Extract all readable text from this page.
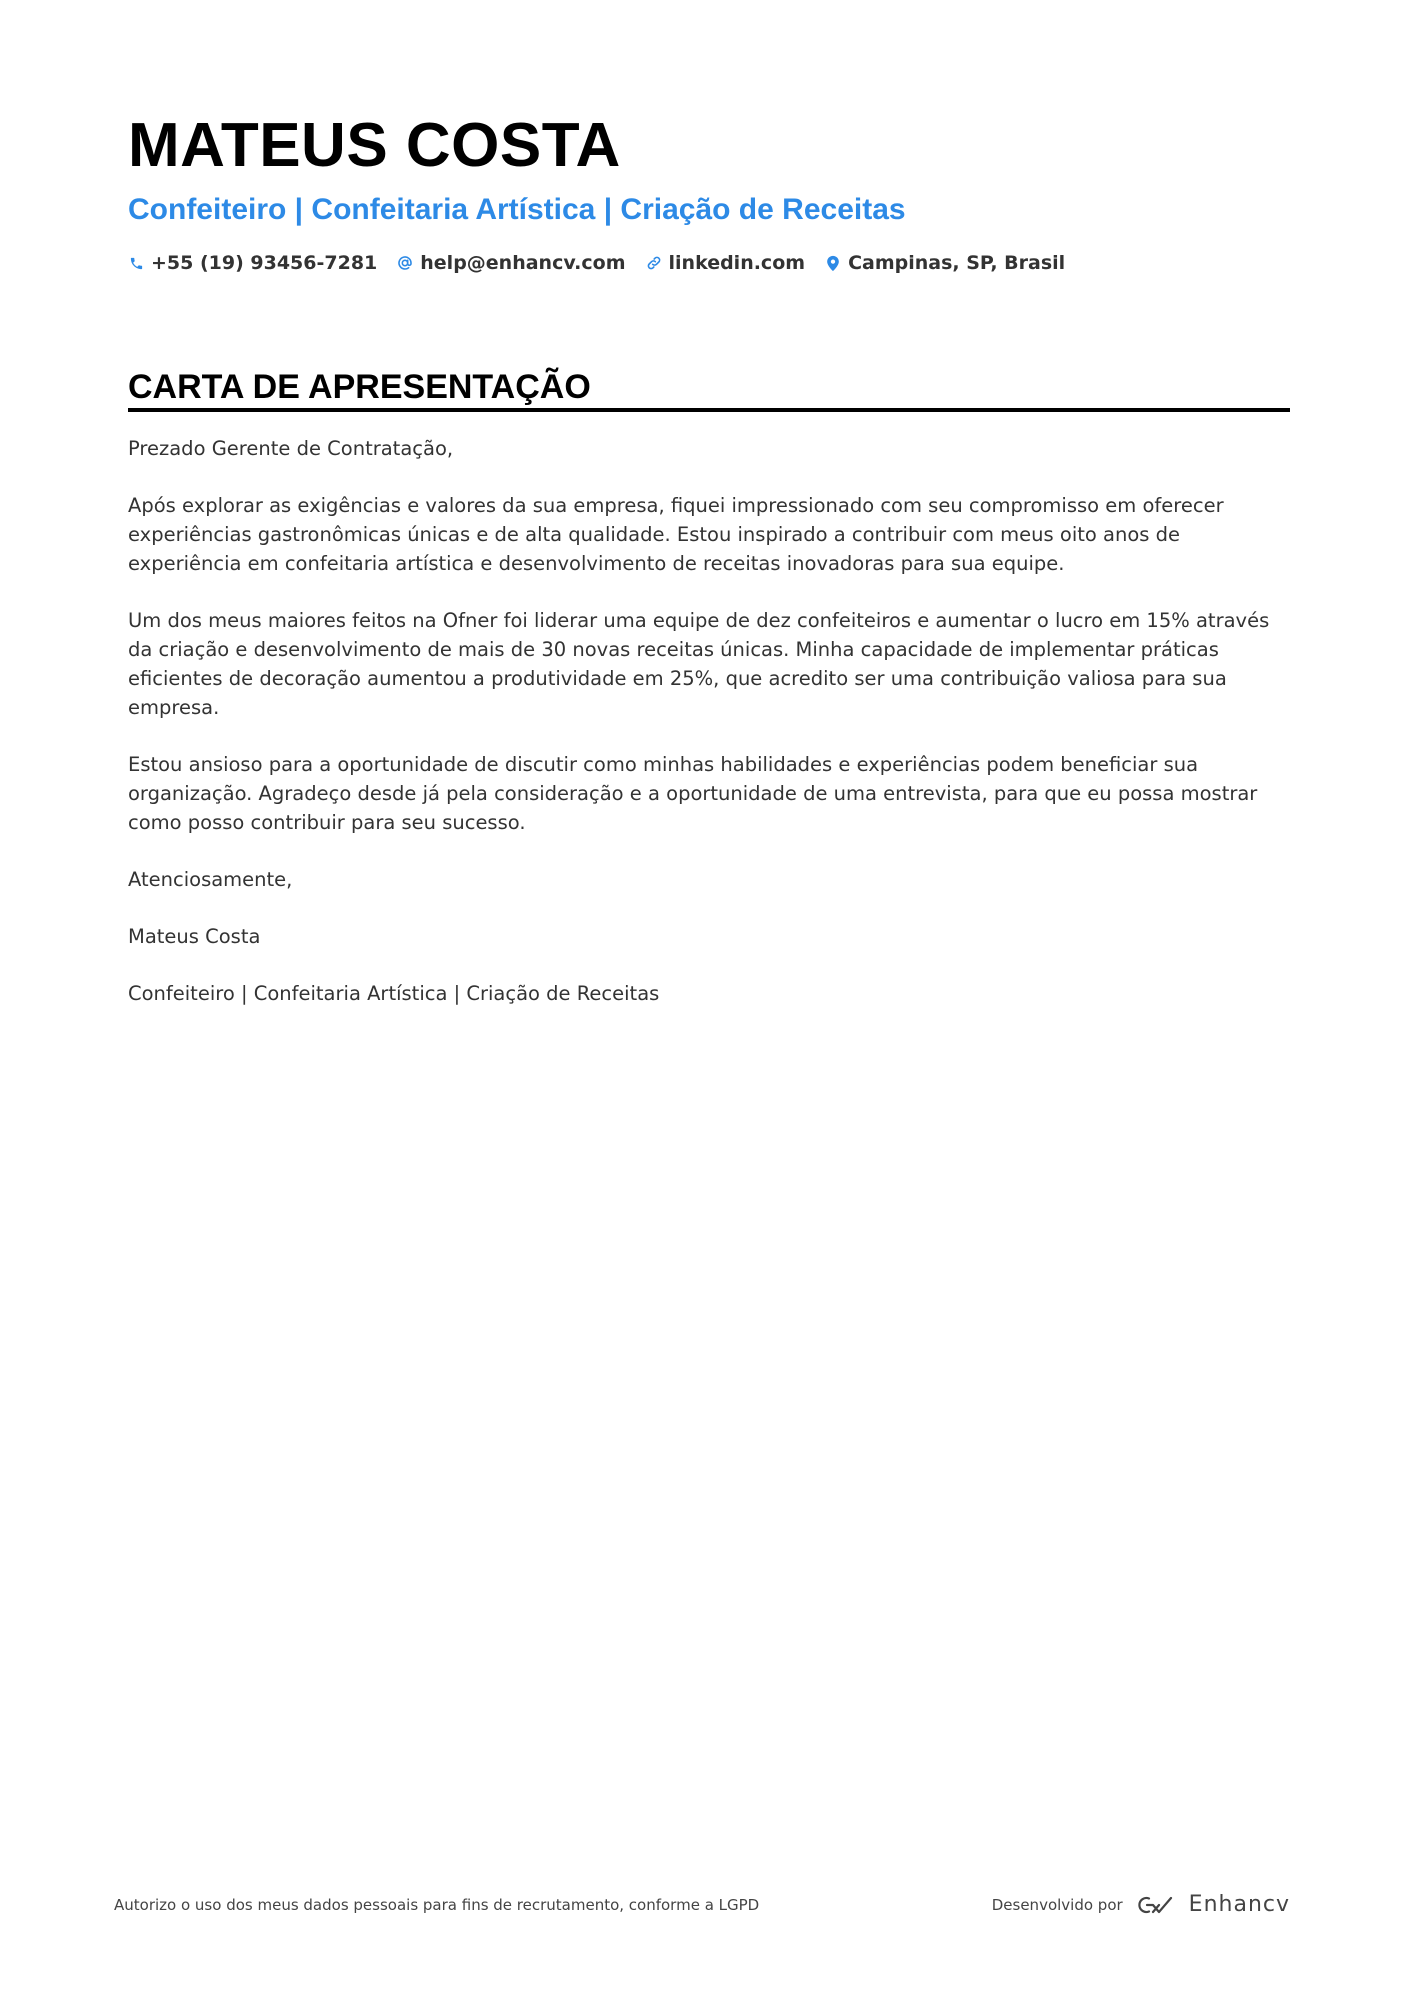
MATEUS COSTA
Confeiteiro | Confeitaria Artística | Criação de Receitas
+55 (19) 93456-7281 help@enhancv.com linkedin.com Campinas, SP, Brasil
CARTA DE APRESENTAÇÃO

Prezado Gerente de Contratação,

Após explorar as exigências e valores da sua empresa, fiquei impressionado com seu compromisso em oferecer experiências gastronômicas únicas e de alta qualidade. Estou inspirado a contribuir com meus oito anos de experiência em confeitaria artística e desenvolvimento de receitas inovadoras para sua equipe.

Um dos meus maiores feitos na Ofner foi liderar uma equipe de dez confeiteiros e aumentar o lucro em 15% através da criação e desenvolvimento de mais de 30 novas receitas únicas. Minha capacidade de implementar práticas eficientes de decoração aumentou a produtividade em 25%, que acredito ser uma contribuição valiosa para sua empresa.

Estou ansioso para a oportunidade de discutir como minhas habilidades e experiências podem beneficiar sua organização. Agradeço desde já pela consideração e a oportunidade de uma entrevista, para que eu possa mostrar como posso contribuir para seu sucesso.

Atenciosamente,

Mateus Costa

Confeiteiro | Confeitaria Artística | Criação de Receitas

Autorizo o uso dos meus dados pessoais para fins de recrutamento, conforme a LGPD	Desenvolvido por	Enhancv
